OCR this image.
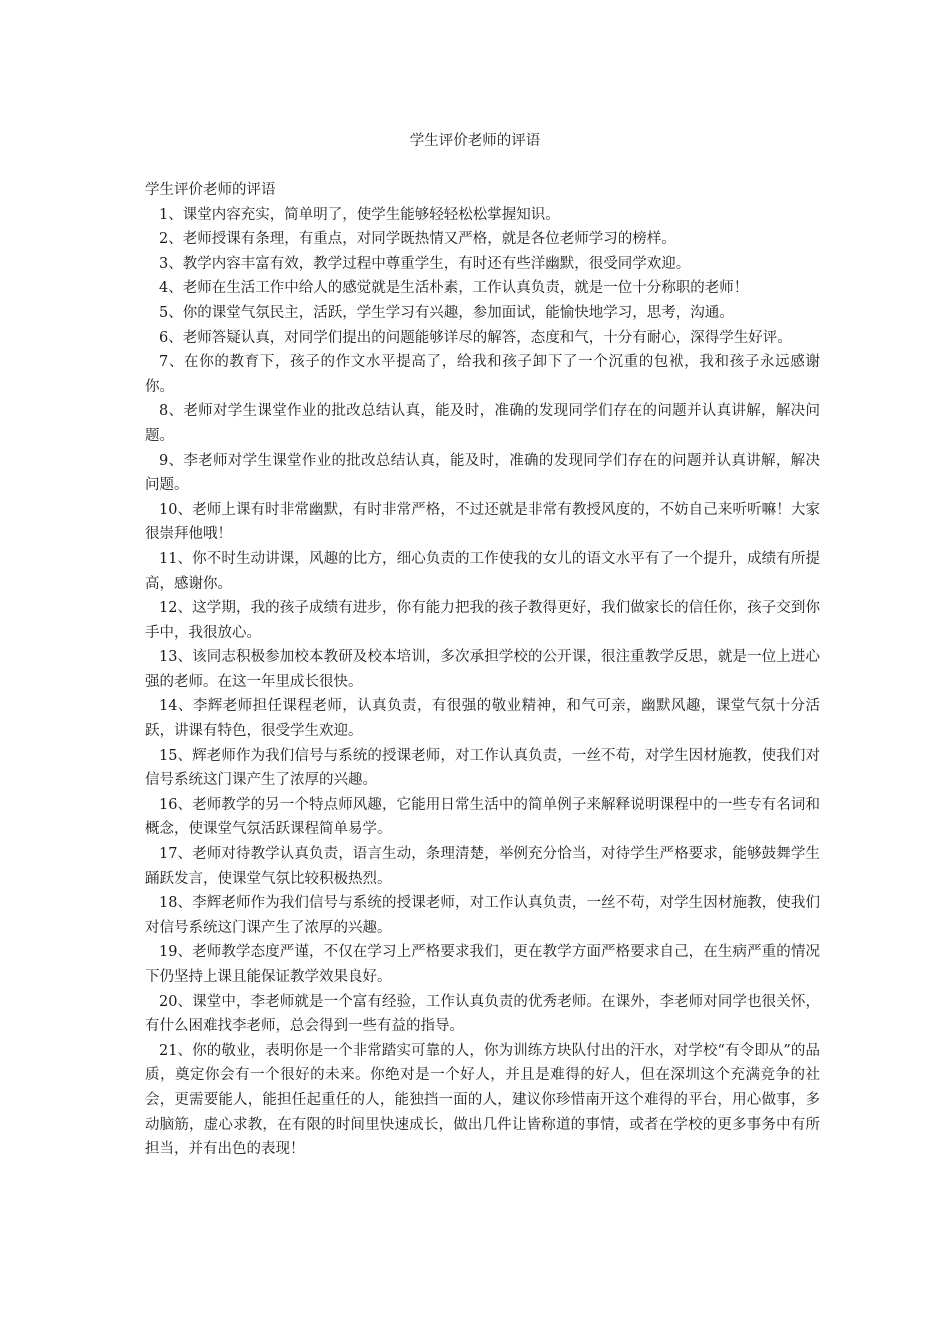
学生评价老师的评语

学生评价老师的评语

1、课堂内容充实，简单明了，使学生能够轻轻松松掌握知识。

2、老师授课有条理，有重点，对同学既热情又严格，就是各位老师学习的榜样。

3、教学内容丰富有效，教学过程中尊重学生，有时还有些洋幽默，很受同学欢迎。

4、老师在生活工作中给人的感觉就是生活朴素，工作认真负责，就是一位十分称职的老师！

5、你的课堂气氛民主，活跃，学生学习有兴趣，参加面试，能愉快地学习，思考，沟通。

6、老师答疑认真，对同学们提出的问题能够详尽的解答，态度和气，十分有耐心，深得学生好评。

7、在你的教育下，孩子的作文水平提高了，给我和孩子卸下了一个沉重的包袱，我和孩子永远感谢你。

8、老师对学生课堂作业的批改总结认真，能及时，准确的发现同学们存在的问题并认真讲解，解决问题。

9、李老师对学生课堂作业的批改总结认真，能及时，准确的发现同学们存在的问题并认真讲解，解决问题。

10、老师上课有时非常幽默，有时非常严格，不过还就是非常有教授风度的，不妨自己来听听嘛！大家很崇拜他哦！

11、你不时生动讲课，风趣的比方，细心负责的工作使我的女儿的语文水平有了一个提升，成绩有所提高，感谢你。

12、这学期，我的孩子成绩有进步，你有能力把我的孩子教得更好，我们做家长的信任你，孩子交到你手中，我很放心。

13、该同志积极参加校本教研及校本培训，多次承担学校的公开课，很注重教学反思，就是一位上进心强的老师。在这一年里成长很快。

14、李辉老师担任课程老师，认真负责，有很强的敬业精神，和气可亲，幽默风趣，课堂气氛十分活跃，讲课有特色，很受学生欢迎。

15、辉老师作为我们信号与系统的授课老师，对工作认真负责，一丝不苟，对学生因材施教，使我们对信号系统这门课产生了浓厚的兴趣。

16、老师教学的另一个特点师风趣，它能用日常生活中的简单例子来解释说明课程中的一些专有名词和概念，使课堂气氛活跃课程简单易学。

17、老师对待教学认真负责，语言生动，条理清楚，举例充分恰当，对待学生严格要求，能够鼓舞学生踊跃发言，使课堂气氛比较积极热烈。

18、李辉老师作为我们信号与系统的授课老师，对工作认真负责，一丝不苟，对学生因材施教，使我们对信号系统这门课产生了浓厚的兴趣。

19、老师教学态度严谨，不仅在学习上严格要求我们，更在教学方面严格要求自己，在生病严重的情况下仍坚持上课且能保证教学效果良好。

20、课堂中，李老师就是一个富有经验，工作认真负责的优秀老师。在课外，李老师对同学也很关怀，有什么困难找李老师，总会得到一些有益的指导。

21、你的敬业，表明你是一个非常踏实可靠的人，你为训练方块队付出的汗水，对学校“有令即从”的品质，奠定你会有一个很好的未来。你绝对是一个好人，并且是难得的好人，但在深圳这个充满竞争的社会，更需要能人，能担任起重任的人，能独挡一面的人，建议你珍惜南开这个难得的平台，用心做事，多动脑筋，虚心求教，在有限的时间里快速成长，做出几件让皆称道的事情，或者在学校的更多事务中有所担当，并有出色的表现！
